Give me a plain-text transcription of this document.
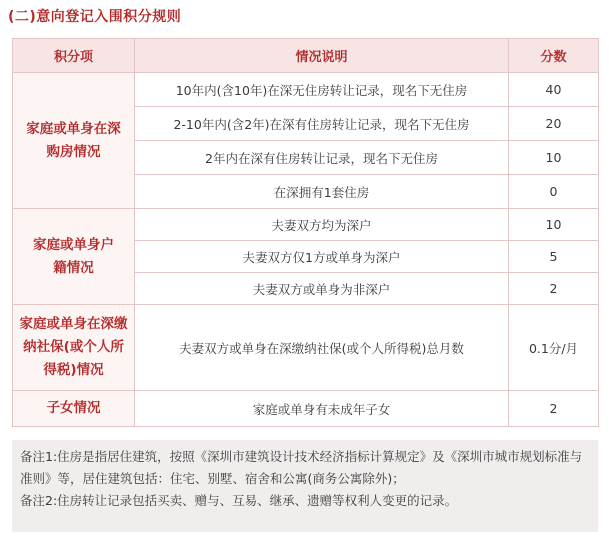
(二)意向登记入围积分规则
积分项	情况说明	分数

家庭或单身在深购房情况	10年内(含10年)在深无住房转让记录，现名下无住房	40
	2-10年内(含2年)在深有住房转让记录，现名下无住房	20
	2年内在深有住房转让记录，现名下无住房	10
	在深拥有1套住房	0

家庭或单身户籍情况	夫妻双方均为深户	10
	夫妻双方仅1方或单身为深户	5
	夫妻双方或单身为非深户	2

家庭或单身在深缴纳社保(或个人所得税)情况	夫妻双方或单身在深缴纳社保(或个人所得税)总月数	0.1分/月

子女情况	家庭或单身有未成年子女	2

备注1:住房是指居住建筑，按照《深圳市建筑设计技术经济指标计算规定》及《深圳市城市规划标准与准则》等，居住建筑包括：住宅、别墅、宿舍和公寓(商务公寓除外)；

备注2:住房转让记录包括买卖、赠与、互易、继承、遗赠等权利人变更的记录。
